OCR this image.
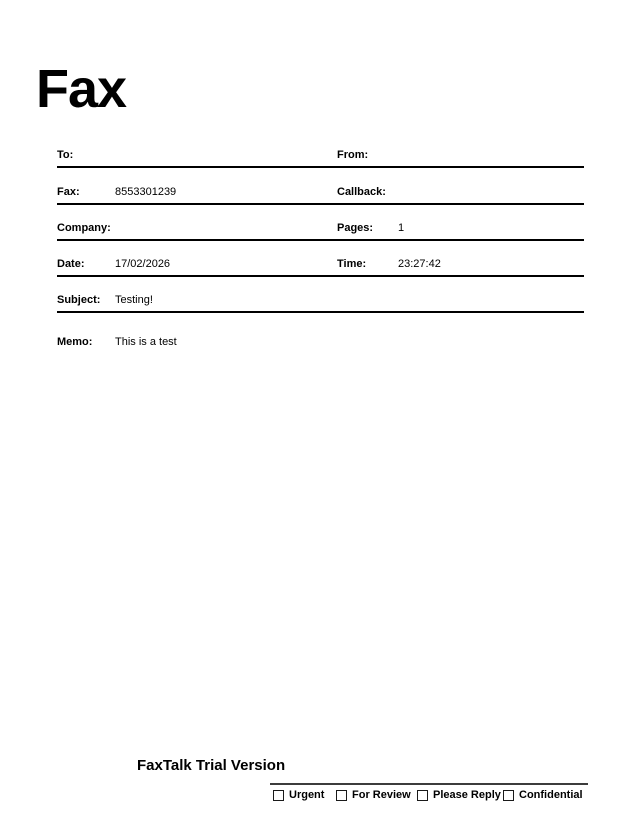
Fax
To:	From:
Fax:	8553301239	Callback:
Company:	Pages: 1
Date:	17/02/2026	Time:	23:27:42
Subject: Testing!
Memo: This is a test
FaxTalk Trial Version
Urgent	For Review Please Reply Confidential
